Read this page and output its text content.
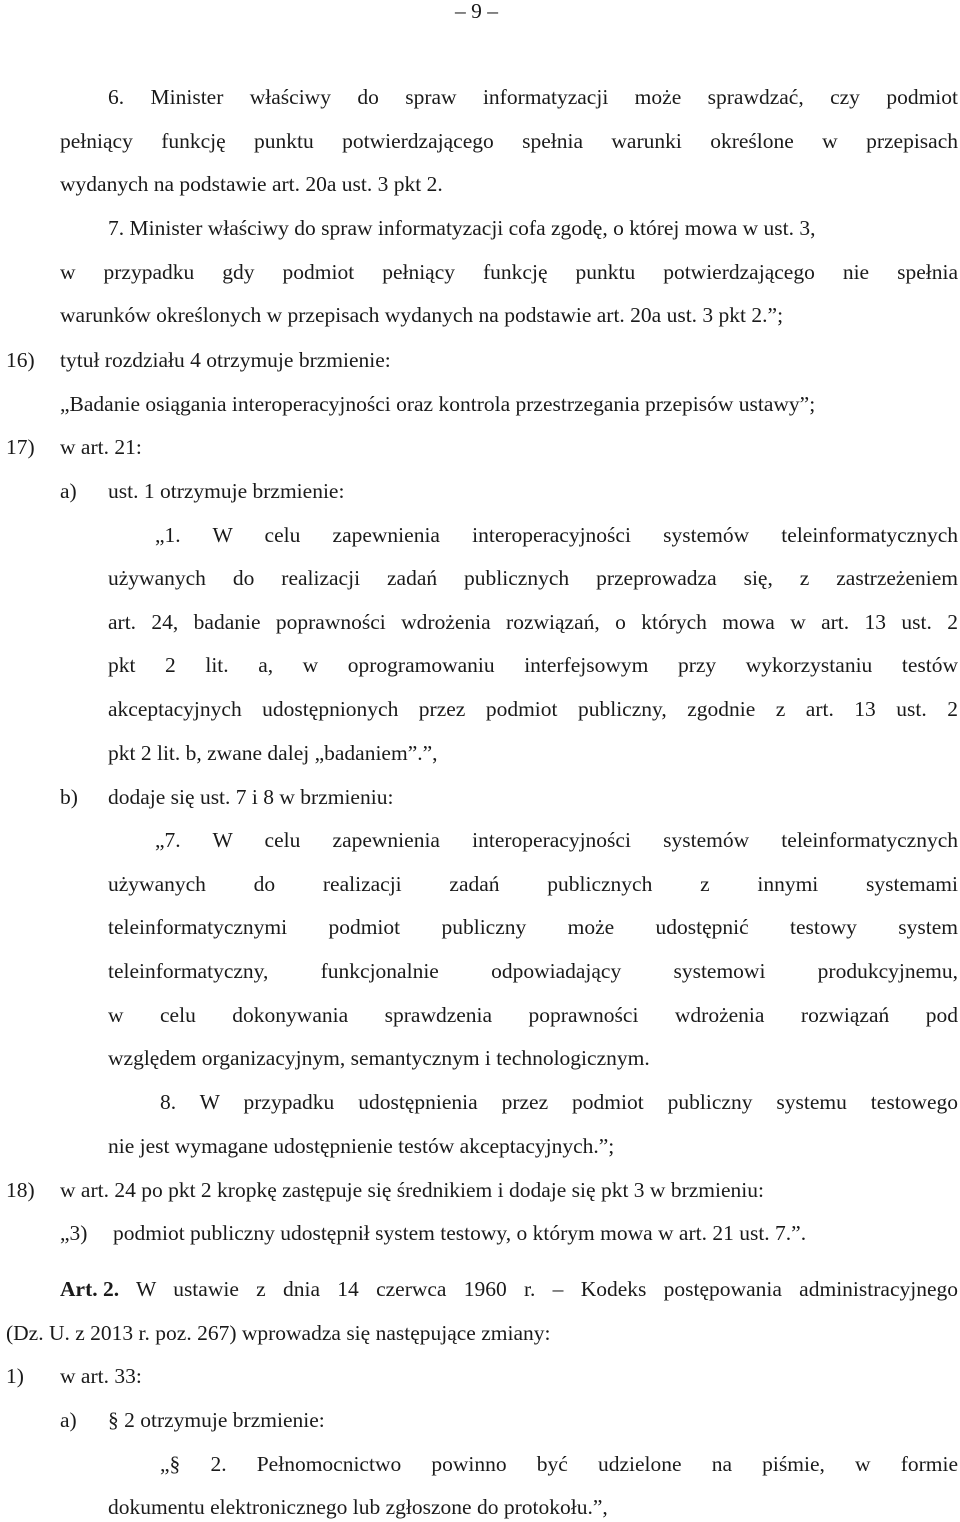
– 9 –
6. Minister właściwy do spraw informatyzacji może sprawdzać, czy podmiot
pełniący funkcję punktu potwierdzającego spełnia warunki określone w przepisach
wydanych na podstawie art. 20a ust. 3 pkt 2.
7. Minister właściwy do spraw informatyzacji cofa zgodę, o której mowa w ust. 3,
w przypadku gdy podmiot pełniący funkcję punktu potwierdzającego nie spełnia
warunków określonych w przepisach wydanych na podstawie art. 20a ust. 3 pkt 2.”;
16) tytuł rozdziału 4 otrzymuje brzmienie:
„Badanie osiągania interoperacyjności oraz kontrola przestrzegania przepisów ustawy”;
17) w art. 21:
a) ust. 1 otrzymuje brzmienie:
„1. W celu zapewnienia interoperacyjności systemów teleinformatycznych
używanych do realizacji zadań publicznych przeprowadza się, z zastrzeżeniem
art. 24, badanie poprawności wdrożenia rozwiązań, o których mowa w art. 13 ust. 2
pkt 2 lit. a, w oprogramowaniu interfejsowym przy wykorzystaniu testów
akceptacyjnych udostępnionych przez podmiot publiczny, zgodnie z art. 13 ust. 2
pkt 2 lit. b, zwane dalej „badaniem”.”,
b) dodaje się ust. 7 i 8 w brzmieniu:
„7. W celu zapewnienia interoperacyjności systemów teleinformatycznych
używanych do realizacji zadań publicznych z innymi systemami
teleinformatycznymi podmiot publiczny może udostępnić testowy system
teleinformatyczny, funkcjonalnie odpowiadający systemowi produkcyjnemu,
w celu dokonywania sprawdzenia poprawności wdrożenia rozwiązań pod
względem organizacyjnym, semantycznym i technologicznym.
8. W przypadku udostępnienia przez podmiot publiczny systemu testowego
nie jest wymagane udostępnienie testów akceptacyjnych.”;
18) w art. 24 po pkt 2 kropkę zastępuje się średnikiem i dodaje się pkt 3 w brzmieniu:
„3) podmiot publiczny udostępnił system testowy, o którym mowa w art. 21 ust. 7.”.
Art. 2. W ustawie z dnia 14 czerwca 1960 r. – Kodeks postępowania administracyjnego
(Dz. U. z 2013 r. poz. 267) wprowadza się następujące zmiany:
1) w art. 33:
a) § 2 otrzymuje brzmienie:
„§ 2. Pełnomocnictwo powinno być udzielone na piśmie, w formie
dokumentu elektronicznego lub zgłoszone do protokołu.”,
